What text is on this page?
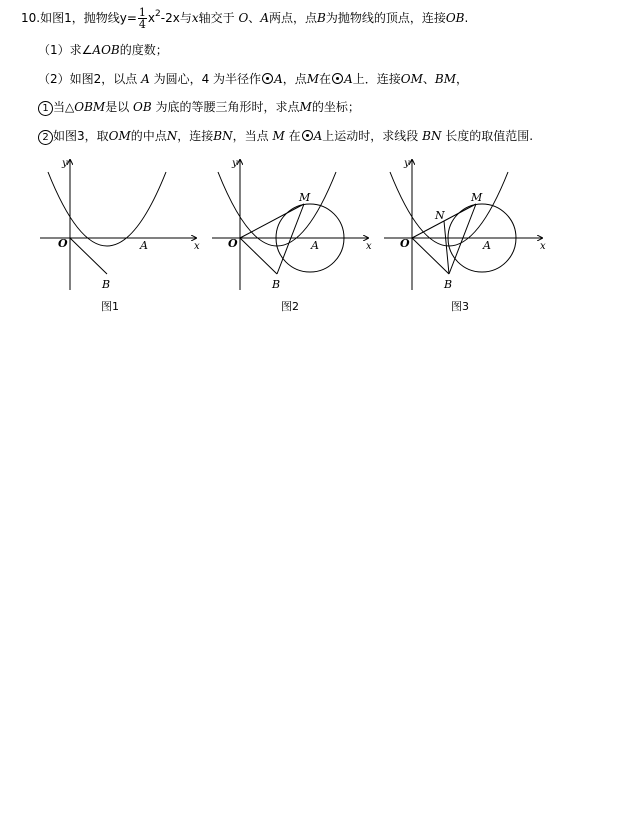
10.如图1，抛物线$y= \frac{1}{4} x^2-2x$与x轴交于 O、A两点，点B为抛物线的顶点，连接OB.
（1）求∠AOB的度数；
（2）如图2，以点 A 为圆心，4 为半径作 A，点M在 A上．连接OM、BM，
1 当△OBM是以 OB 为底的等腰三角形时，求点M的坐标；
2 如图3，取OM的中点N，连接BN，当点 M 在 A上运动时，求线段 BN 长度的取值范围.
y
x
O	A
B
y
x
O	A
B
M
y
x
O	A
B
M
N
图1	图2	图3
